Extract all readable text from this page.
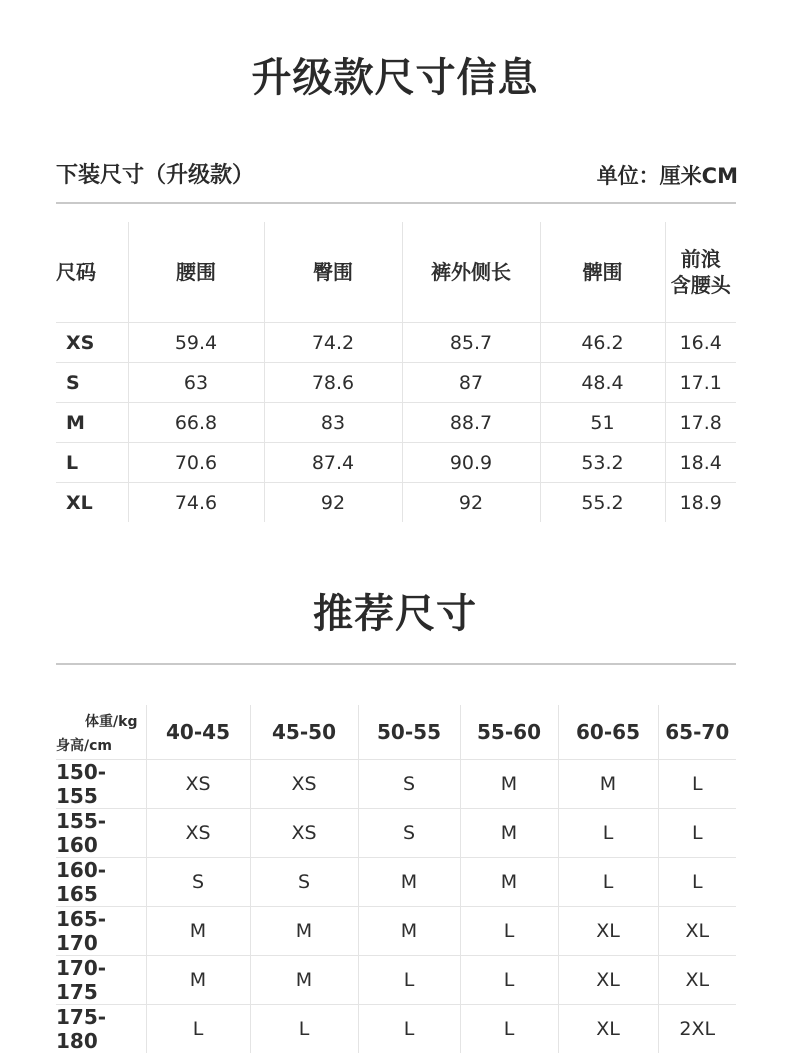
升级款尺寸信息
下装尺寸（升级款）	单位：厘米CM
尺码	腰围	臀围	裤外侧长	髀围	前浪
含腰头
XS	59.4	74.2	85.7	46.2	16.4
S	63	78.6	87	48.4	17.1
M	66.8	83	88.7	51	17.8
L	70.6	87.4	90.9	53.2	18.4
XL	74.6	92	92	55.2	18.9
推荐尺寸
体重/kg
身高/cm	40-45	45-50	50-55	55-60	60-65	65-70
150-155	XS	XS	S	M	M	L
155-160	XS	XS	S	M	L	L
160-165	S	S	M	M	L	L
165-170	M	M	M	L	XL	XL
170-175	M	M	L	L	XL	XL
175-180	L	L	L	L	XL	2XL
